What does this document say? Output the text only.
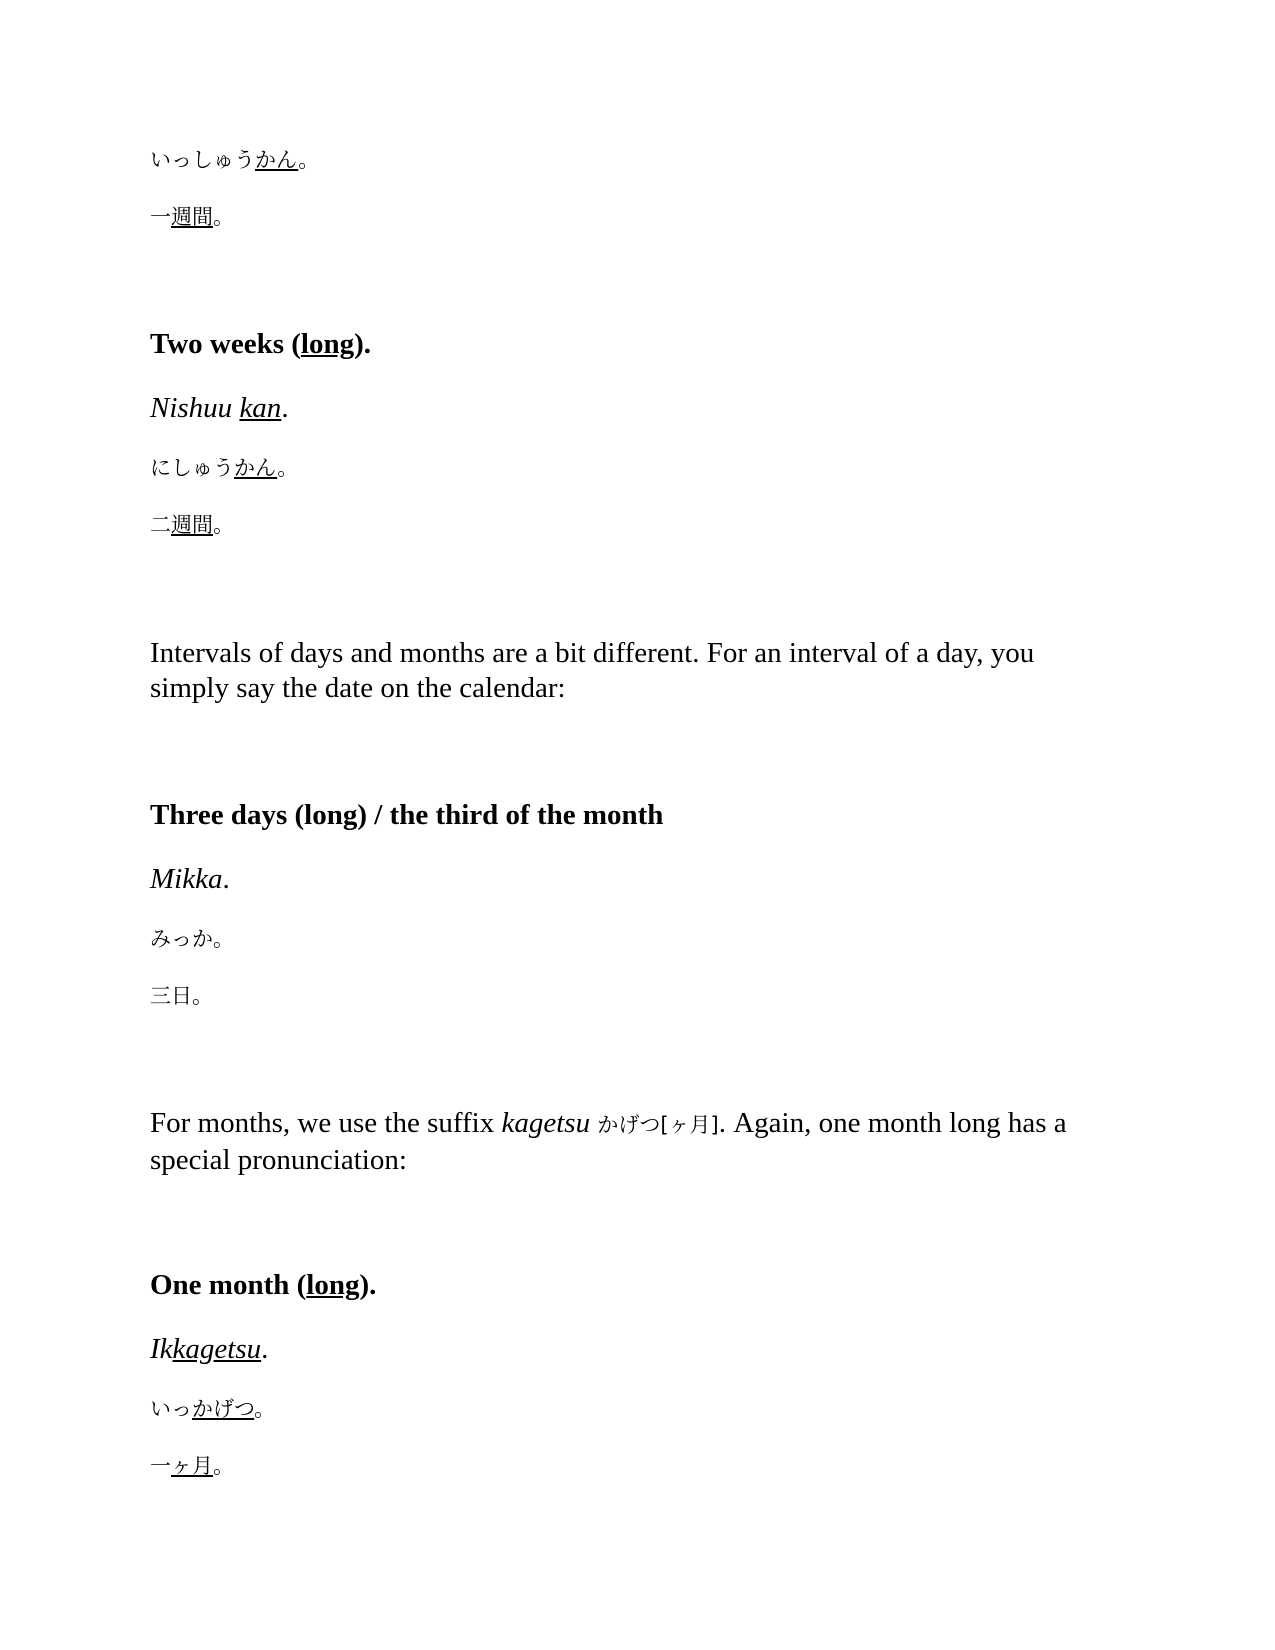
いっしゅうかん。
一週間。
Two weeks (long).
Nishuu kan.
にしゅうかん。
二週間。
Intervals of days and months are a bit different. For an interval of a day, you
simply say the date on the calendar:
Three days (long) / the third of the month
Mikka.
みっか。
三日。
For months, we use the suffix kagetsu かげつ[ヶ月]. Again, one month long has a
special pronunciation:
One month (long).
Ikkagetsu.
いっかげつ。
一ヶ月。
